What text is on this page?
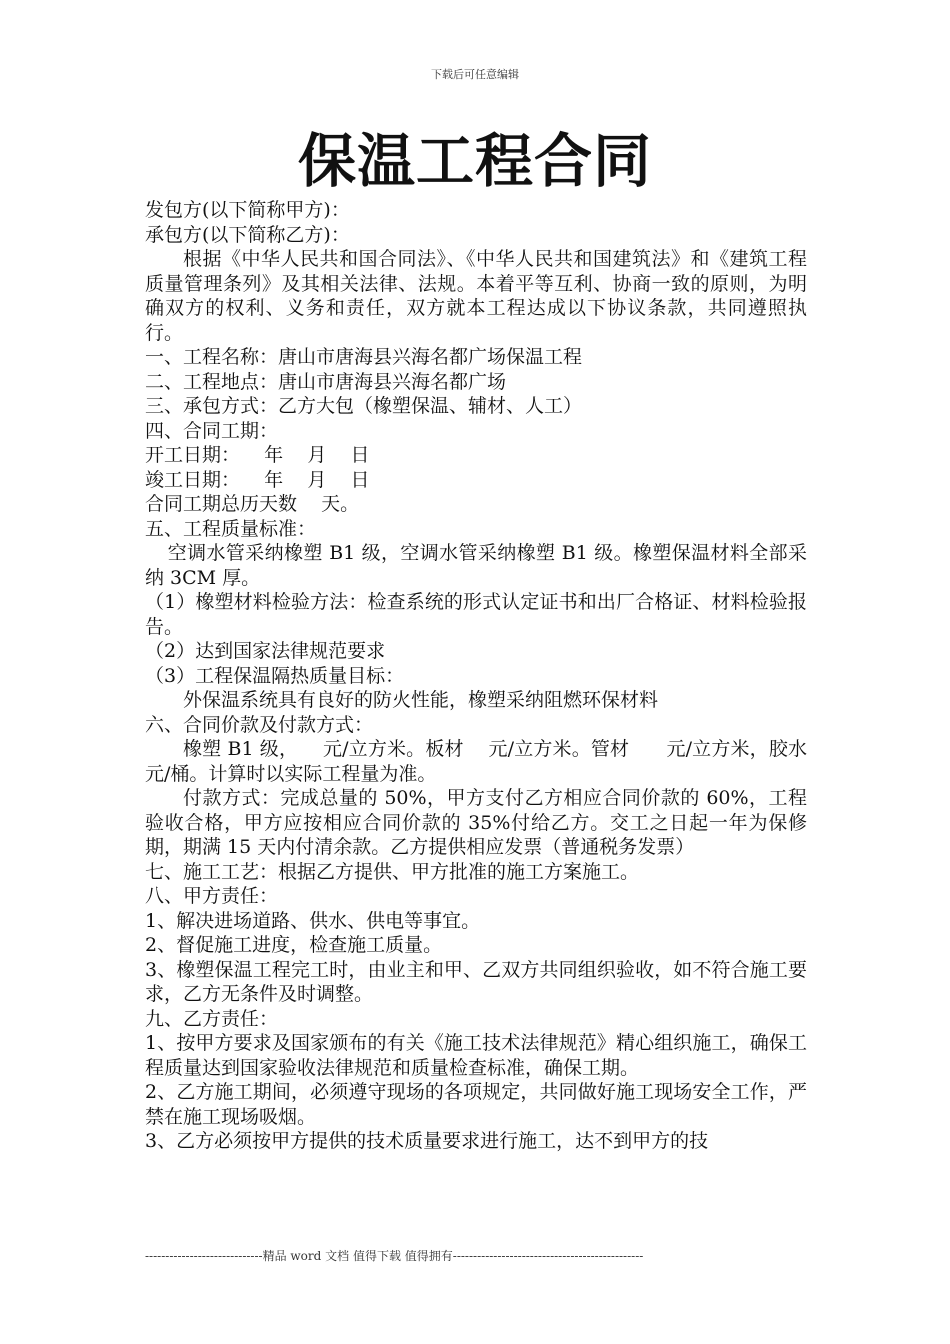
下载后可任意编辑
保温工程合同

发包方(以下简称甲方)：

承包方(以下简称乙方)：

根据《中华人民共和国合同法》、《中华人民共和国建筑法》和《建筑工程质量管理条列》及其相关法律、法规。本着平等互利、协商一致的原则，为明确双方的权利、义务和责任，双方就本工程达成以下协议条款，共同遵照执行。

一、工程名称：唐山市唐海县兴海名都广场保温工程

二、工程地点：唐山市唐海县兴海名都广场

三、承包方式：乙方大包（橡塑保温、辅材、人工）

四、合同工期：

开工日期：    年    月    日

竣工日期：    年    月    日

合同工期总历天数    天。

五、工程质量标准：

空调水管采纳橡塑 B1 级，空调水管采纳橡塑 B1 级。橡塑保温材料全部采纳 3CM 厚。

（1）橡塑材料检验方法：检查系统的形式认定证书和出厂合格证、材料检验报告。

（2）达到国家法律规范要求

（3）工程保温隔热质量目标：

外保温系统具有良好的防火性能，橡塑采纳阻燃环保材料

六、合同价款及付款方式：

橡塑 B1 级，    元/立方米。板材    元/立方米。管材      元/立方米，胶水    元/桶。计算时以实际工程量为准。

付款方式：完成总量的 50%，甲方支付乙方相应合同价款的 60%，工程验收合格，甲方应按相应合同价款的 35%付给乙方。交工之日起一年为保修期，期满 15 天内付清余款。乙方提供相应发票（普通税务发票）

七、施工工艺：根据乙方提供、甲方批准的施工方案施工。

八、甲方责任：

1、解决进场道路、供水、供电等事宜。

2、督促施工进度，检查施工质量。

3、橡塑保温工程完工时，由业主和甲、乙双方共同组织验收，如不符合施工要求，乙方无条件及时调整。

九、乙方责任：

1、按甲方要求及国家颁布的有关《施工技术法律规范》精心组织施工，确保工程质量达到国家验收法律规范和质量检查标准，确保工期。

2、乙方施工期间，必须遵守现场的各项规定，共同做好施工现场安全工作，严禁在施工现场吸烟。

3、乙方必须按甲方提供的技术质量要求进行施工，达不到甲方的技

-----------------------------精品 word 文档 值得下载 值得拥有-----------------------------------------------
